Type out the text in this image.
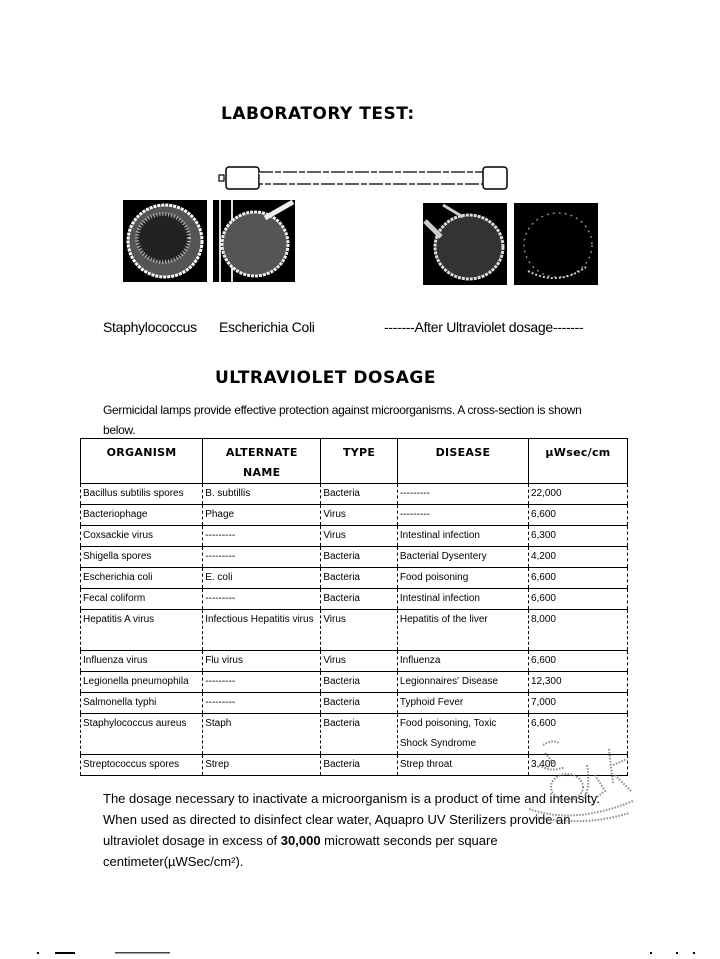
LABORATORY TEST:
Staphylococcus Escherichia Coli	-------After Ultraviolet dosage-------
ULTRAVIOLET DOSAGE
Germicidal lamps provide effective protection against microorganisms. A cross-section is shown below.
ORGANISM	ALTERNATE NAME	TYPE	DISEASE	µWsec/cm
Bacillus subtilis spores	B. subtillis	Bacteria	---------	22,000
Bacteriophage	Phage	Virus	---------	6,600
Coxsackie virus	---------	Virus	Intestinal infection	6,300
Shigella spores	---------	Bacteria	Bacterial Dysentery	4,200
Escherichia coli	E. coli	Bacteria	Food poisoning	6,600
Fecal coliform	---------	Bacteria	Intestinal infection	6,600
Hepatitis A virus	Infectious Hepatitis virus	Virus	Hepatitis of the liver	8,000
Influenza virus	Flu virus	Virus	Influenza	6,600
Legionella pneumophila	---------	Bacteria	Legionnaires' Disease	12,300
Salmonella typhi	---------	Bacteria	Typhoid Fever	7,000
Staphylococcus aureus	Staph	Bacteria	Food poisoning, Toxic Shock Syndrome	6,600
Streptococcus spores	Strep	Bacteria	Strep throat	3,400
The dosage necessary to inactivate a microorganism is a product of time and intensity. When used as directed to disinfect clear water, Aquapro UV Sterilizers provide an ultraviolet dosage in excess of 30,000 microwatt seconds per square centimeter(µWSec/cm²).
